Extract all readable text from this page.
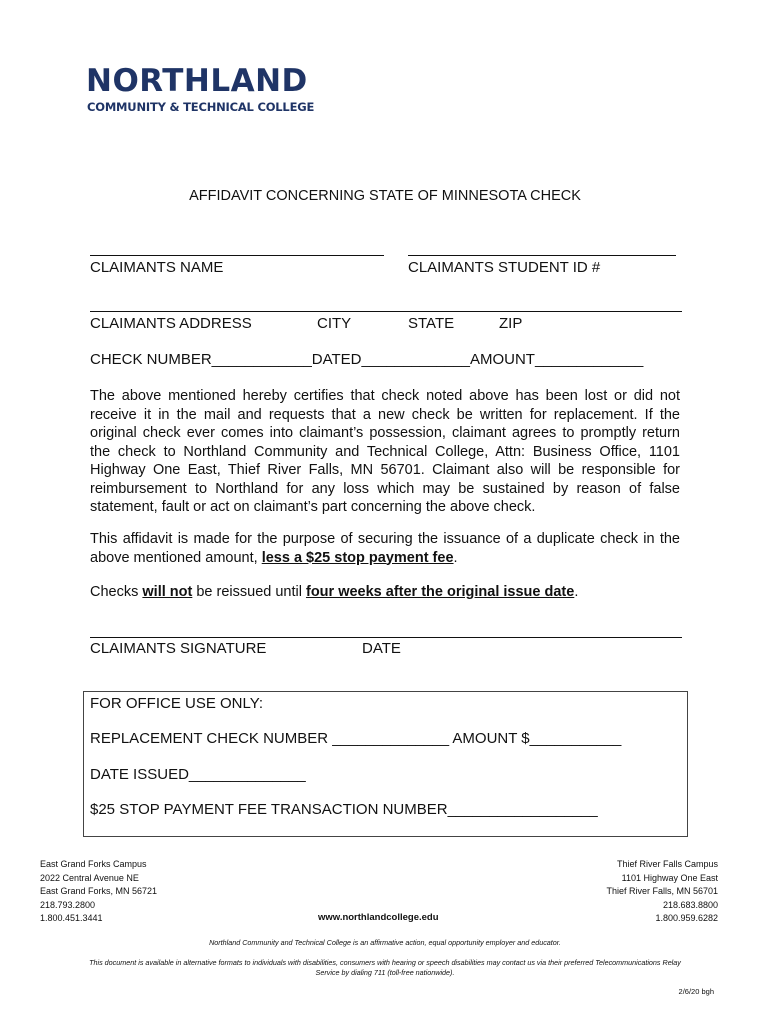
NORTHLAND
COMMUNITY & TECHNICAL COLLEGE
AFFIDAVIT CONCERNING STATE OF MINNESOTA CHECK
CLAIMANTS NAME	CLAIMANTS STUDENT ID #
CLAIMANTS ADDRESS	CITY	STATE	ZIP
CHECK NUMBER____________DATED_____________AMOUNT_____________
The above mentioned hereby certifies that check noted above has been lost or did not receive it in the mail and requests that a new check be written for replacement. If the original check ever comes into claimant’s possession, claimant agrees to promptly return the check to Northland Community and Technical College, Attn: Business Office, 1101 Highway One East, Thief River Falls, MN 56701. Claimant also will be responsible for reimbursement to Northland for any loss which may be sustained by reason of false statement, fault or act on claimant’s part concerning the above check.
This affidavit is made for the purpose of securing the issuance of a duplicate check in the above mentioned amount, less a $25 stop payment fee.
Checks will not be reissued until four weeks after the original issue date.
CLAIMANTS SIGNATURE	DATE
FOR OFFICE USE ONLY:
REPLACEMENT CHECK NUMBER ______________ AMOUNT $___________
DATE ISSUED______________
$25 STOP PAYMENT FEE TRANSACTION NUMBER__________________
East Grand Forks Campus
2022 Central Avenue NE
East Grand Forks, MN 56721
218.793.2800
1.800.451.3441
Thief River Falls Campus
1101 Highway One East
Thief River Falls, MN 56701
218.683.8800
1.800.959.6282
www.northlandcollege.edu
Northland Community and Technical College is an affirmative action, equal opportunity employer and educator.
This document is available in alternative formats to individuals with disabilities, consumers with hearing or speech disabilities may contact us via their preferred Telecommunications Relay
Service by dialing 711 (toll-free nationwide).
2/6/20 bgh
